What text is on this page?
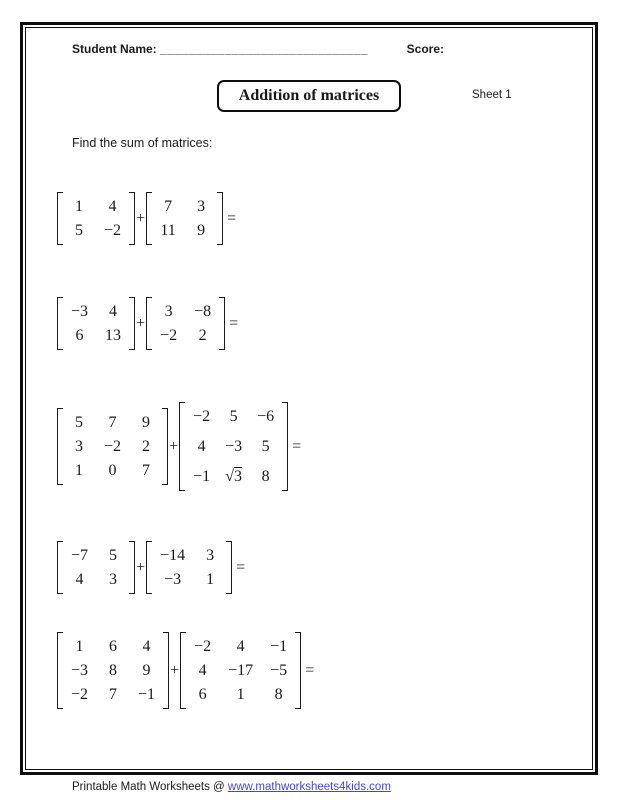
Student Name:
_____________________________	Score:
Addition of matrices	Sheet 1
Find the sum of matrices:
1 4
5 −2
+
7 3
11 9
=
−3 4
6 13
+
3 −8
−2 2
=
5 7 9
3 −2 2
1 0 7
+
−2 5 −6
4 −3 5
−1 √3 8
=
−7 5
4 3
+
−14 3
−3 1
=
1 6 4
−3 8 9
−2 7 −1
+
−2 4 −1
4 −17 −5
6 1 8
=
Printable Math Worksheets @ www.mathworksheets4kids.com
